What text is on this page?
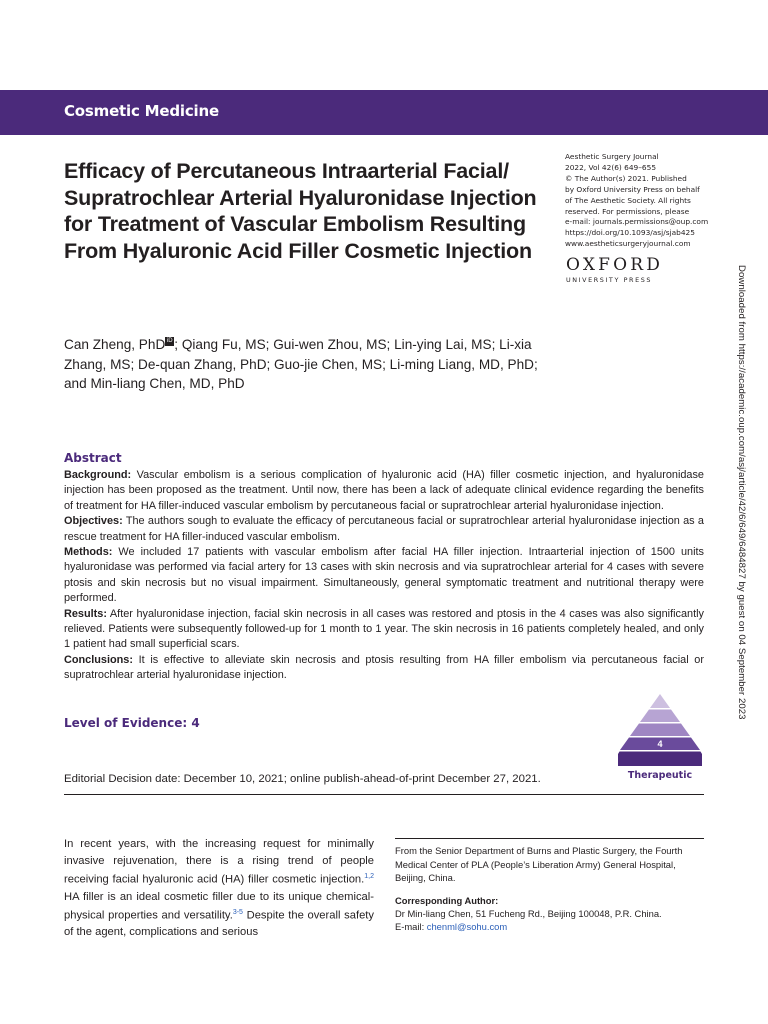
Cosmetic Medicine
Efficacy of Percutaneous Intraarterial Facial/ Supratrochlear Arterial Hyaluronidase Injection for Treatment of Vascular Embolism Resulting From Hyaluronic Acid Filler Cosmetic Injection
Aesthetic Surgery Journal
2022, Vol 42(6) 649–655
© The Author(s) 2021. Published
by Oxford University Press on behalf
of The Aesthetic Society. All rights
reserved. For permissions, please
e-mail: journals.permissions@oup.com
https://doi.org/10.1093/asj/sjab425
www.aestheticsurgeryjournal.com
OXFORD
UNIVERSITY PRESS
Can Zheng, PhD iD ; Qiang Fu, MS; Gui-wen Zhou, MS; Lin-ying Lai, MS; Li-xia Zhang, MS; De-quan Zhang, PhD; Guo-jie Chen, MS; Li-ming Liang, MD, PhD; and Min-liang Chen, MD, PhD
Abstract

Background: Vascular embolism is a serious complication of hyaluronic acid (HA) filler cosmetic injection, and hyaluronidase injection has been proposed as the treatment. Until now, there has been a lack of adequate clinical evidence regarding the benefits of treatment for HA filler-induced vascular embolism by percutaneous facial or supratrochlear arterial hyaluronidase injection.

Objectives: The authors sough to evaluate the efficacy of percutaneous facial or supratrochlear arterial hyaluronidase injection as a rescue treatment for HA filler-induced vascular embolism.

Methods: We included 17 patients with vascular embolism after facial HA filler injection. Intraarterial injection of 1500 units hyaluronidase was performed via facial artery for 13 cases with skin necrosis and via supratrochlear arterial for 4 cases with severe ptosis and skin necrosis but no visual impairment. Simultaneously, general symptomatic treatment and nutritional therapy were performed.

Results: After hyaluronidase injection, facial skin necrosis in all cases was restored and ptosis in the 4 cases was also significantly relieved. Patients were subsequently followed-up for 1 month to 1 year. The skin necrosis in 16 patients completely healed, and only 1 patient had small superficial scars.

Conclusions: It is effective to alleviate skin necrosis and ptosis resulting from HA filler embolism via percutaneous facial or supratrochlear arterial hyaluronidase injection.

Level of Evidence: 4
4
Therapeutic
Editorial Decision date: December 10, 2021; online publish-ahead-of-print December 27, 2021.
In recent years, with the increasing request for minimally invasive rejuvenation, there is a rising trend of people receiving facial hyaluronic acid (HA) filler cosmetic injection.$^{1,2}$ HA filler is an ideal cosmetic filler due to its unique chemical-physical properties and versatility.$^{3-5}$ Despite the overall safety of the agent, complications and serious
From the Senior Department of Burns and Plastic Surgery, the Fourth Medical Center of PLA (People’s Liberation Army) General Hospital, Beijing, China.
Corresponding Author:
Dr Min-liang Chen, 51 Fucheng Rd., Beijing 100048, P.R. China.
E-mail: chenml@sohu.com
Downloaded from https://academic.oup.com/asj/article/42/6/649/6484827 by guest on 04 September 2023
